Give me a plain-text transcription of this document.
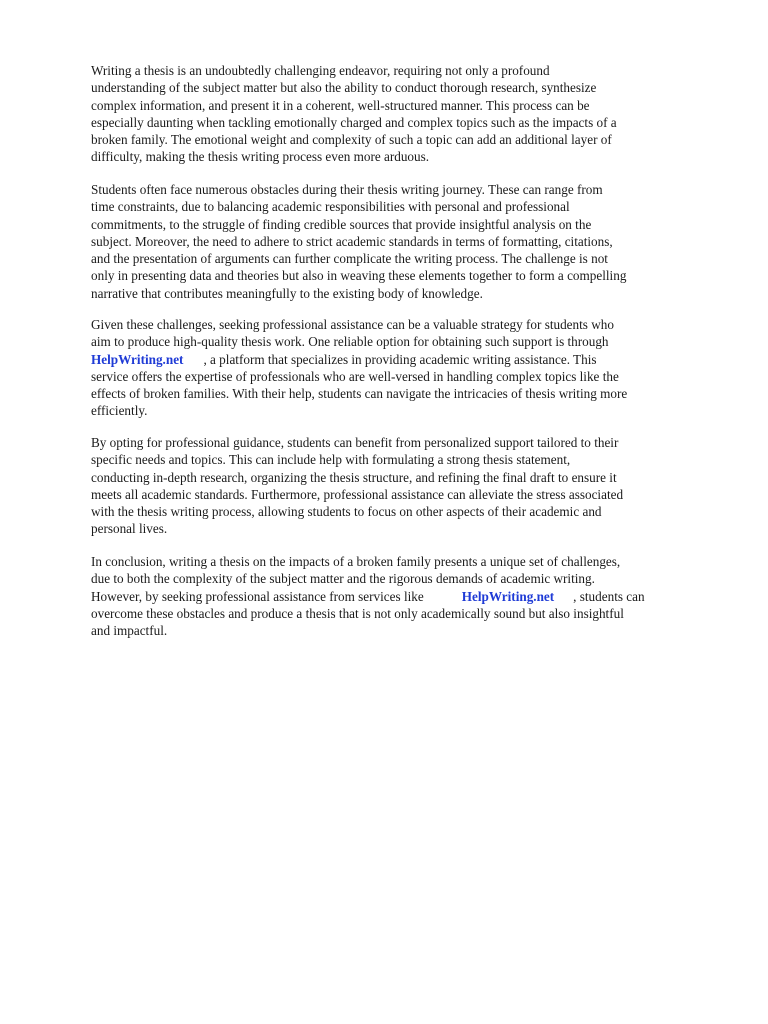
Writing a thesis is an undoubtedly challenging endeavor, requiring not only a profound
understanding of the subject matter but also the ability to conduct thorough research, synthesize
complex information, and present it in a coherent, well-structured manner. This process can be
especially daunting when tackling emotionally charged and complex topics such as the impacts of a
broken family. The emotional weight and complexity of such a topic can add an additional layer of
difficulty, making the thesis writing process even more arduous.

Students often face numerous obstacles during their thesis writing journey. These can range from
time constraints, due to balancing academic responsibilities with personal and professional
commitments, to the struggle of finding credible sources that provide insightful analysis on the
subject. Moreover, the need to adhere to strict academic standards in terms of formatting, citations,
and the presentation of arguments can further complicate the writing process. The challenge is not
only in presenting data and theories but also in weaving these elements together to form a compelling
narrative that contributes meaningfully to the existing body of knowledge.

Given these challenges, seeking professional assistance can be a valuable strategy for students who
aim to produce high-quality thesis work. One reliable option for obtaining such support is through
HelpWriting.net , a platform that specializes in providing academic writing assistance. This
service offers the expertise of professionals who are well-versed in handling complex topics like the
effects of broken families. With their help, students can navigate the intricacies of thesis writing more
efficiently.

By opting for professional guidance, students can benefit from personalized support tailored to their
specific needs and topics. This can include help with formulating a strong thesis statement,
conducting in-depth research, organizing the thesis structure, and refining the final draft to ensure it
meets all academic standards. Furthermore, professional assistance can alleviate the stress associated
with the thesis writing process, allowing students to focus on other aspects of their academic and
personal lives.

In conclusion, writing a thesis on the impacts of a broken family presents a unique set of challenges,
due to both the complexity of the subject matter and the rigorous demands of academic writing.
However, by seeking professional assistance from services like	HelpWriting.net , students can
overcome these obstacles and produce a thesis that is not only academically sound but also insightful
and impactful.
